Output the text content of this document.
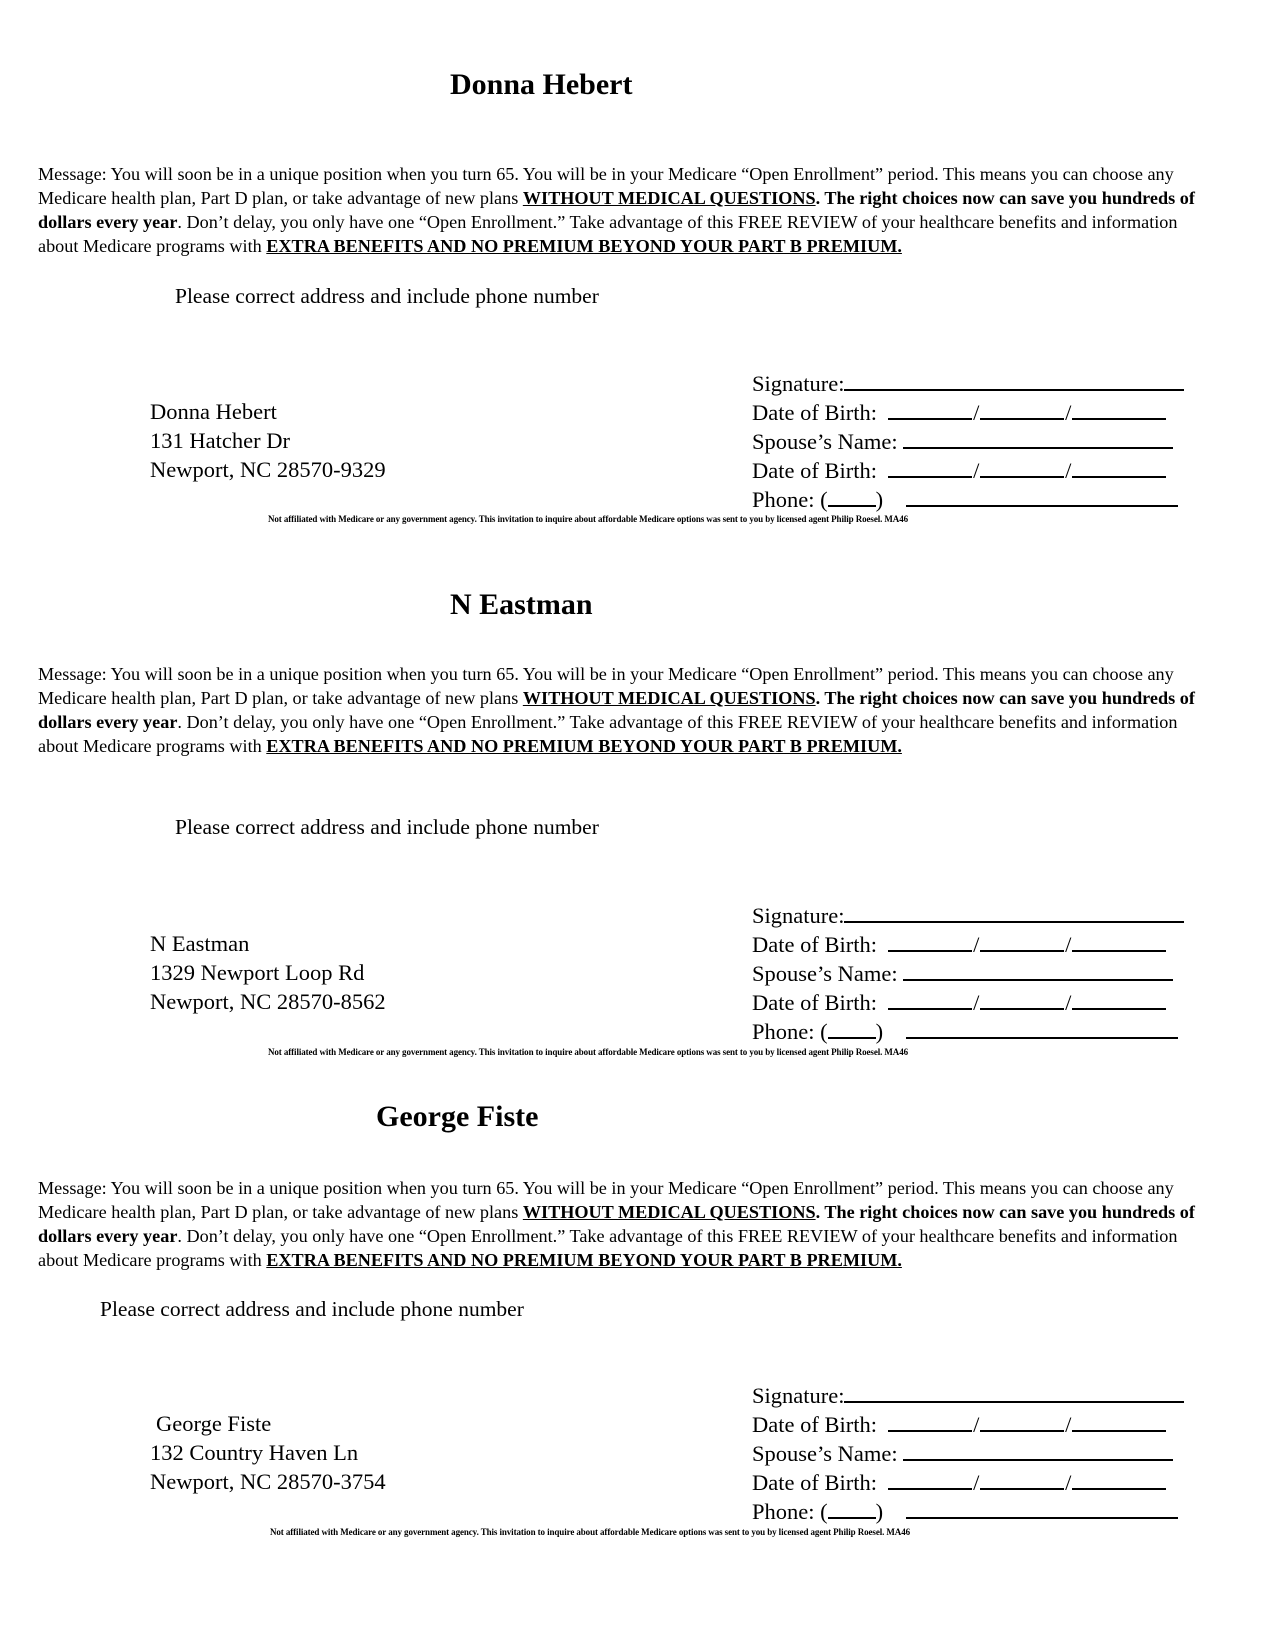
Donna Hebert
Message: You will soon be in a unique position when you turn 65. You will be in your Medicare “Open Enrollment” period. This means you can choose any Medicare health plan, Part D plan, or take advantage of new plans WITHOUT MEDICAL QUESTIONS. The right choices now can save you hundreds of dollars every year. Don’t delay, you only have one “Open Enrollment.” Take advantage of this FREE REVIEW of your healthcare benefits and information about Medicare programs with EXTRA BENEFITS AND NO PREMIUM BEYOND YOUR PART B PREMIUM.
Please correct address and include phone number
Donna Hebert
131 Hatcher Dr
Newport, NC 28570-9329
Signature:
Date of Birth:	/	/
Spouse’s Name:
Date of Birth:	/	/
Phone: ( )
Not affiliated with Medicare or any government agency. This invitation to inquire about affordable Medicare options was sent to you by licensed agent Philip Roesel. MA46
N Eastman
Message: You will soon be in a unique position when you turn 65. You will be in your Medicare “Open Enrollment” period. This means you can choose any Medicare health plan, Part D plan, or take advantage of new plans WITHOUT MEDICAL QUESTIONS. The right choices now can save you hundreds of dollars every year. Don’t delay, you only have one “Open Enrollment.” Take advantage of this FREE REVIEW of your healthcare benefits and information about Medicare programs with EXTRA BENEFITS AND NO PREMIUM BEYOND YOUR PART B PREMIUM.
Please correct address and include phone number
N Eastman
1329 Newport Loop Rd
Newport, NC 28570-8562
Signature:
Date of Birth:	/	/
Spouse’s Name:
Date of Birth:	/	/
Phone: ( )
Not affiliated with Medicare or any government agency. This invitation to inquire about affordable Medicare options was sent to you by licensed agent Philip Roesel. MA46
George Fiste
Message: You will soon be in a unique position when you turn 65. You will be in your Medicare “Open Enrollment” period. This means you can choose any Medicare health plan, Part D plan, or take advantage of new plans WITHOUT MEDICAL QUESTIONS. The right choices now can save you hundreds of dollars every year. Don’t delay, you only have one “Open Enrollment.” Take advantage of this FREE REVIEW of your healthcare benefits and information about Medicare programs with EXTRA BENEFITS AND NO PREMIUM BEYOND YOUR PART B PREMIUM.
Please correct address and include phone number
George Fiste
132 Country Haven Ln
Newport, NC 28570-3754
Signature:
Date of Birth:	/	/
Spouse’s Name:
Date of Birth:	/	/
Phone: ( )
Not affiliated with Medicare or any government agency. This invitation to inquire about affordable Medicare options was sent to you by licensed agent Philip Roesel. MA46
